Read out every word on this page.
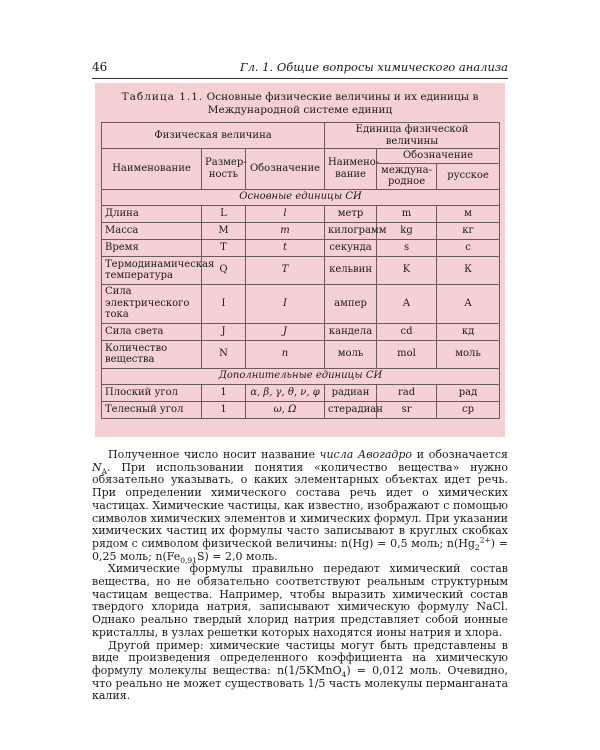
46	Гл. 1. Общие вопросы химического анализа
Таблица 1.1. Основные физические величины и их единицы в Международной системе единиц
Физическая величина			Единица физической величины		
Наименование	Размер-ность	Обозначение	Наимено-вание	Обозначение	
				междуна-родное	русское
Основные единицы СИ					
Длина	L	l	метр	m	м
Масса	M	m	килограмм	kg	кг
Время	T	t	секунда	s	с
Термодинамическая температура	Q	T	кельвин	K	К
Сила электрического тока	I	I	ампер	A	А
Сила света	J	J	кандела	cd	кд
Количество вещества	N	n	моль	mol	моль
Дополнительные единицы СИ					
Плоский угол	1	α, β, γ, θ, ν, φ	радиан	rad	рад
Телесный угол	1	ω, Ω	стерадиан	sr	ср

Полученное число носит название числа Авогадро и обозначается $N_A$. При использовании понятия «количество вещества» нужно обязательно указывать, о каких элементарных объектах идет речь. При определении химического состава речь идет о химических частицах. Химические частицы, как известно, изображают с помощью символов химических элементов и химических формул. При указании химических частиц их формулы часто записывают в круглых скобках рядом с символом физической величины: n(Hg) = 0,5 моль; $n(Hg_2^{2+}) = 0,25$ моль; $n(Fe_{0,91}S) = 2,0$ моль.

Химические формулы правильно передают химический состав вещества, но не обязательно соответствуют реальным структурным частицам вещества. Например, чтобы выразить химический состав твердого хлорида натрия, записывают химическую формулу NaCl. Однако реально твердый хлорид натрия представляет собой ионные кристаллы, в узлах решетки которых находятся ионы натрия и хлора.

Другой пример: химические частицы могут быть представлены в виде произведения определенного коэффициента на химическую формулу молекулы вещества: n(1/5KMnO$_4$) = 0,012 моль. Очевидно, что реально не может существовать 1/5 часть молекулы перманганата калия.
